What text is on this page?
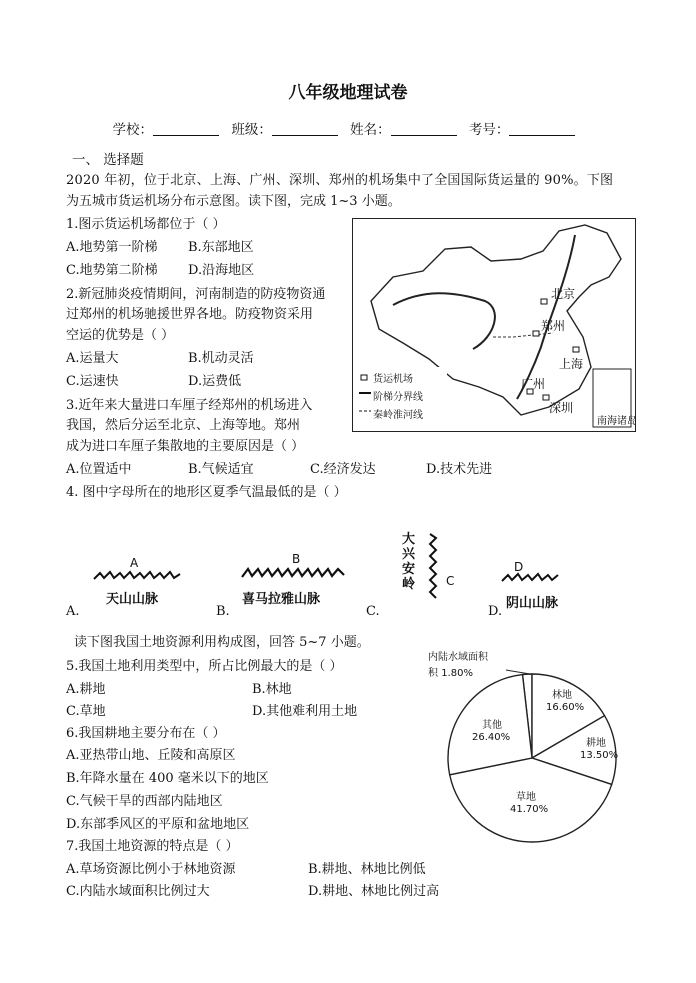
八年级地理试卷
学校：	班级：	姓名：	考号：
一、 选择题
2020 年初，位于北京、上海、广州、深圳、郑州的机场集中了全国国际货运量的 90%。下图
为五城市货运机场分布示意图。读下图，完成 1~3 小题。
1.图示货运机场都位于（ ）
A.地势第一阶梯 B.东部地区
C.地势第二阶梯 D.沿海地区
2.新冠肺炎疫情期间，河南制造的防疫物资通
过郑州的机场驰援世界各地。防疫物资采用
空运的优势是（ ）
A.运量大	B.机动灵活
C.运速快	D.运费低
3.近年来大量进口车厘子经郑州的机场进入
我国，然后分运至北京、上海等地。郑州
成为进口车厘子集散地的主要原因是（ ）
A.位置适中	B.气候适宜	C.经济发达	D.技术先进
4. 图中字母所在的地形区夏季气温最低的是（ ）
南海诸岛
北京
郑州
上海
广州
深圳
货运机场
阶梯分界线
秦岭淮河线
A
天山山脉
B
喜马拉雅山脉
大兴安岭	C
D
阴山山脉
A.	B.	C.	D.
读下图我国土地资源利用构成图，回答 5~7 小题。
5.我国土地利用类型中，所占比例最大的是（ ）
A.耕地	B.林地
C.草地	D.其他难利用土地
6.我国耕地主要分布在（ ）
A.亚热带山地、丘陵和高原区
B.年降水量在 400 毫米以下的地区
C.气候干旱的西部内陆地区
D.东部季风区的平原和盆地地区
7.我国土地资源的特点是（ ）
A.草场资源比例小于林地资源	B.耕地、林地比例低
C.内陆水域面积比例过大	D.耕地、林地比例过高
内陆水域面积
积 1.80%
林地
16.60%
耕地
13.50%
草地
41.70%
其他
26.40%
